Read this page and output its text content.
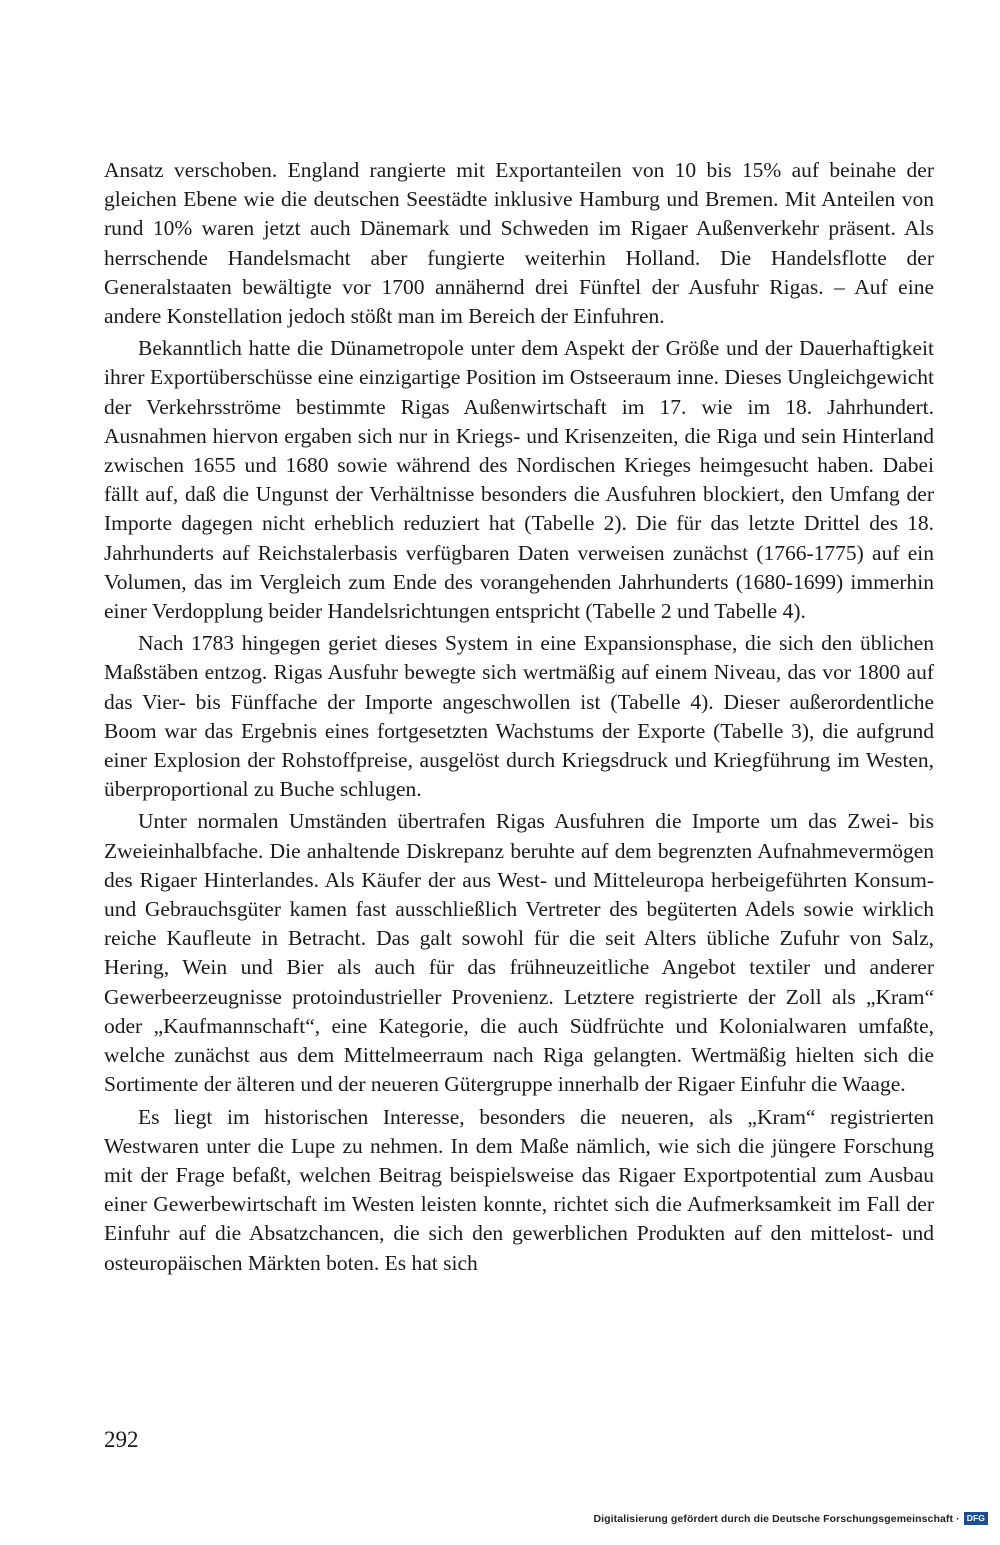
Ansatz verschoben. England rangierte mit Exportanteilen von 10 bis 15% auf beinahe der gleichen Ebene wie die deutschen Seestädte inklusive Hamburg und Bremen. Mit Anteilen von rund 10% waren jetzt auch Dänemark und Schweden im Rigaer Außenverkehr präsent. Als herrschende Handelsmacht aber fungierte weiterhin Holland. Die Handelsflotte der Generalstaaten bewältigte vor 1700 annähernd drei Fünftel der Ausfuhr Rigas. – Auf eine andere Konstellation jedoch stößt man im Bereich der Einfuhren.

Bekanntlich hatte die Dünametropole unter dem Aspekt der Größe und der Dauerhaftigkeit ihrer Exportüberschüsse eine einzigartige Position im Ostseeraum inne. Dieses Ungleichgewicht der Verkehrsströme bestimmte Rigas Außenwirtschaft im 17. wie im 18. Jahrhundert. Ausnahmen hiervon ergaben sich nur in Kriegs- und Krisenzeiten, die Riga und sein Hinterland zwischen 1655 und 1680 sowie während des Nordischen Krieges heimgesucht haben. Dabei fällt auf, daß die Ungunst der Verhältnisse besonders die Ausfuhren blockiert, den Umfang der Importe dagegen nicht erheblich reduziert hat (Tabelle 2). Die für das letzte Drittel des 18. Jahrhunderts auf Reichstalerbasis verfügbaren Daten verweisen zunächst (1766-1775) auf ein Volumen, das im Vergleich zum Ende des vorangehenden Jahrhunderts (1680-1699) immerhin einer Verdopplung beider Handelsrichtungen entspricht (Tabelle 2 und Tabelle 4).

Nach 1783 hingegen geriet dieses System in eine Expansionsphase, die sich den üblichen Maßstäben entzog. Rigas Ausfuhr bewegte sich wertmäßig auf einem Niveau, das vor 1800 auf das Vier- bis Fünffache der Importe angeschwollen ist (Tabelle 4). Dieser außerordentliche Boom war das Ergebnis eines fortgesetzten Wachstums der Exporte (Tabelle 3), die aufgrund einer Explosion der Rohstoffpreise, ausgelöst durch Kriegsdruck und Kriegführung im Westen, überproportional zu Buche schlugen.

Unter normalen Umständen übertrafen Rigas Ausfuhren die Importe um das Zwei- bis Zweieinhalbfache. Die anhaltende Diskrepanz beruhte auf dem begrenzten Aufnahmevermögen des Rigaer Hinterlandes. Als Käufer der aus West- und Mitteleuropa herbeigeführten Konsum- und Gebrauchsgüter kamen fast ausschließlich Vertreter des begüterten Adels sowie wirklich reiche Kaufleute in Betracht. Das galt sowohl für die seit Alters übliche Zufuhr von Salz, Hering, Wein und Bier als auch für das frühneuzeitliche Angebot textiler und anderer Gewerbeerzeugnisse protoindustrieller Provenienz. Letztere registrierte der Zoll als „Kram“ oder „Kaufmannschaft“, eine Kategorie, die auch Südfrüchte und Kolonialwaren umfaßte, welche zunächst aus dem Mittelmeerraum nach Riga gelangten. Wertmäßig hielten sich die Sortimente der älteren und der neueren Gütergruppe innerhalb der Rigaer Einfuhr die Waage.

Es liegt im historischen Interesse, besonders die neueren, als „Kram“ registrierten Westwaren unter die Lupe zu nehmen. In dem Maße nämlich, wie sich die jüngere Forschung mit der Frage befaßt, welchen Beitrag beispielsweise das Rigaer Exportpotential zum Ausbau einer Gewerbewirtschaft im Westen leisten konnte, richtet sich die Aufmerksamkeit im Fall der Einfuhr auf die Absatzchancen, die sich den gewerblichen Produkten auf den mittelost- und osteuropäischen Märkten boten. Es hat sich

292
Digitalisierung gefördert durch die Deutsche Forschungsgemeinschaft · DFG
